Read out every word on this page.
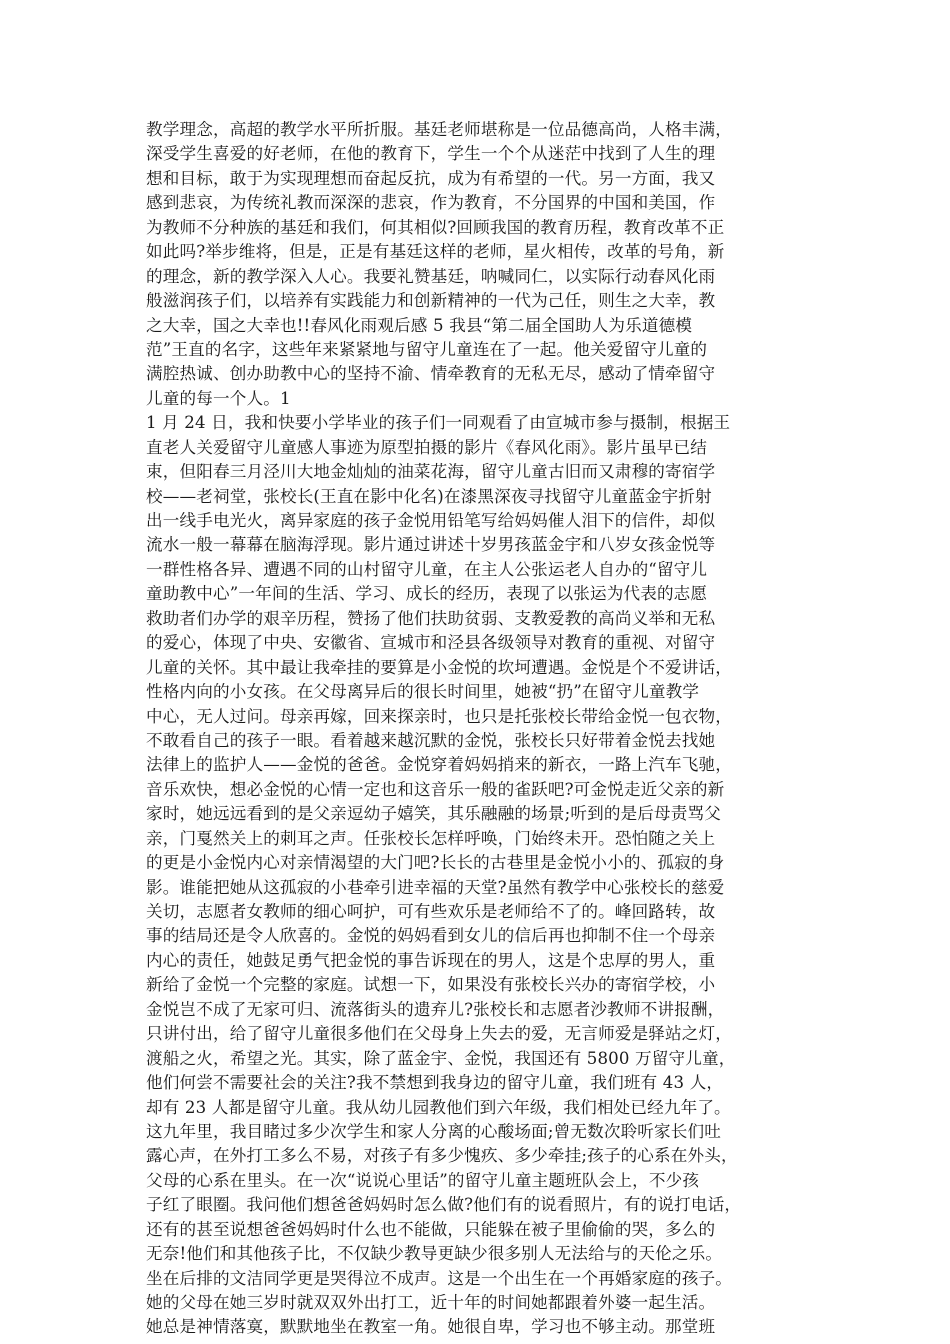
教学理念，高超的教学水平所折服。基廷老师堪称是一位品德高尚，人格丰满，
深受学生喜爱的好老师，在他的教育下，学生一个个从迷茫中找到了人生的理
想和目标，敢于为实现理想而奋起反抗，成为有希望的一代。另一方面，我又
感到悲哀，为传统礼教而深深的悲哀，作为教育，不分国界的中国和美国，作
为教师不分种族的基廷和我们，何其相似?回顾我国的教育历程，教育改革不正
如此吗?举步维将，但是，正是有基廷这样的老师，星火相传，改革的号角，新
的理念，新的教学深入人心。我要礼赞基廷，呐喊同仁，以实际行动春风化雨
般滋润孩子们，以培养有实践能力和创新精神的一代为己任，则生之大幸，教
之大幸，国之大幸也!!春风化雨观后感 5 我县“第二届全国助人为乐道德模
范”王直的名字，这些年来紧紧地与留守儿童连在了一起。他关爱留守儿童的
满腔热诚、创办助教中心的坚持不渝、情牵教育的无私无尽，感动了情牵留守
儿童的每一个人。1
1 月 24 日，我和快要小学毕业的孩子们一同观看了由宣城市参与摄制，根据王
直老人关爱留守儿童感人事迹为原型拍摄的影片《春风化雨》。影片虽早已结
束，但阳春三月泾川大地金灿灿的油菜花海，留守儿童古旧而又肃穆的寄宿学
校——老祠堂，张校长(王直在影中化名)在漆黑深夜寻找留守儿童蓝金宇折射
出一线手电光火，离异家庭的孩子金悦用铅笔写给妈妈催人泪下的信件，却似
流水一般一幕幕在脑海浮现。影片通过讲述十岁男孩蓝金宇和八岁女孩金悦等
一群性格各异、遭遇不同的山村留守儿童，在主人公张运老人自办的“留守儿
童助教中心”一年间的生活、学习、成长的经历，表现了以张运为代表的志愿
救助者们办学的艰辛历程，赞扬了他们扶助贫弱、支教爱教的高尚义举和无私
的爱心，体现了中央、安徽省、宣城市和泾县各级领导对教育的重视、对留守
儿童的关怀。其中最让我牵挂的要算是小金悦的坎坷遭遇。金悦是个不爱讲话，
性格内向的小女孩。在父母离异后的很长时间里，她被“扔”在留守儿童教学
中心，无人过问。母亲再嫁，回来探亲时，也只是托张校长带给金悦一包衣物，
不敢看自己的孩子一眼。看着越来越沉默的金悦，张校长只好带着金悦去找她
法律上的监护人——金悦的爸爸。金悦穿着妈妈捎来的新衣，一路上汽车飞驰，
音乐欢快，想必金悦的心情一定也和这音乐一般的雀跃吧?可金悦走近父亲的新
家时，她远远看到的是父亲逗幼子嬉笑，其乐融融的场景;听到的是后母责骂父
亲，门戛然关上的刺耳之声。任张校长怎样呼唤，门始终未开。恐怕随之关上
的更是小金悦内心对亲情渴望的大门吧?长长的古巷里是金悦小小的、孤寂的身
影。谁能把她从这孤寂的小巷牵引进幸福的天堂?虽然有教学中心张校长的慈爱
关切，志愿者女教师的细心呵护，可有些欢乐是老师给不了的。峰回路转，故
事的结局还是令人欣喜的。金悦的妈妈看到女儿的信后再也抑制不住一个母亲
内心的责任，她鼓足勇气把金悦的事告诉现在的男人，这是个忠厚的男人，重
新给了金悦一个完整的家庭。试想一下，如果没有张校长兴办的寄宿学校，小
金悦岂不成了无家可归、流落街头的遗弃儿?张校长和志愿者沙教师不讲报酬，
只讲付出，给了留守儿童很多他们在父母身上失去的爱，无言师爱是驿站之灯，
渡船之火，希望之光。其实，除了蓝金宇、金悦，我国还有 5800 万留守儿童，
他们何尝不需要社会的关注?我不禁想到我身边的留守儿童，我们班有 43 人，
却有 23 人都是留守儿童。我从幼儿园教他们到六年级，我们相处已经九年了。
这九年里，我目睹过多少次学生和家人分离的心酸场面;曾无数次聆听家长们吐
露心声，在外打工多么不易，对孩子有多少愧疚、多少牵挂;孩子的心系在外头，
父母的心系在里头。在一次“说说心里话”的留守儿童主题班队会上，不少孩
子红了眼圈。我问他们想爸爸妈妈时怎么做?他们有的说看照片，有的说打电话，
还有的甚至说想爸爸妈妈时什么也不能做，只能躲在被子里偷偷的哭，多么的
无奈!他们和其他孩子比，不仅缺少教导更缺少很多别人无法给与的天伦之乐。
坐在后排的文洁同学更是哭得泣不成声。这是一个出生在一个再婚家庭的孩子。
她的父母在她三岁时就双双外出打工，近十年的时间她都跟着外婆一起生活。
她总是神情落寞，默默地坐在教室一角。她很自卑，学习也不够主动。那堂班
